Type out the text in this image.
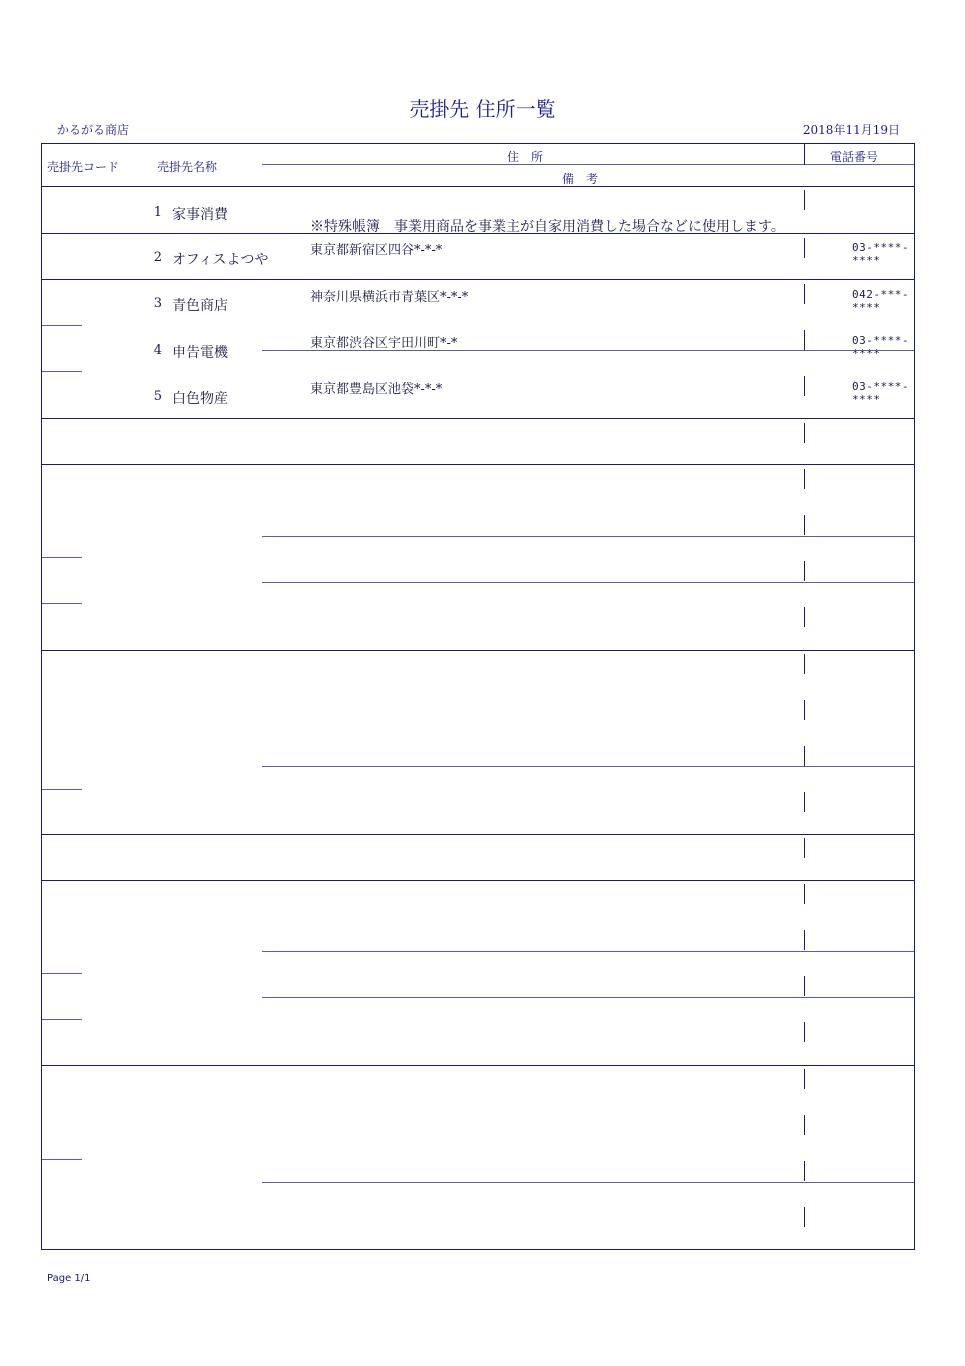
売掛先 住所一覧
かるがる商店	2018年11月19日
売掛先コード	売掛先名称
住　所
備　考
電話番号
1 家事消費
※特殊帳簿　事業用商品を事業主が自家用消費した場合などに使用します。
2 オフィスよつや
東京都新宿区四谷*-*-*	03-****-****
3 青色商店
神奈川県横浜市青葉区*-*-*	042-***-****
4 申告電機
東京都渋谷区宇田川町*-*	03-****-****
5 白色物産
東京都豊島区池袋*-*-*	03-****-****
Page 1/1
